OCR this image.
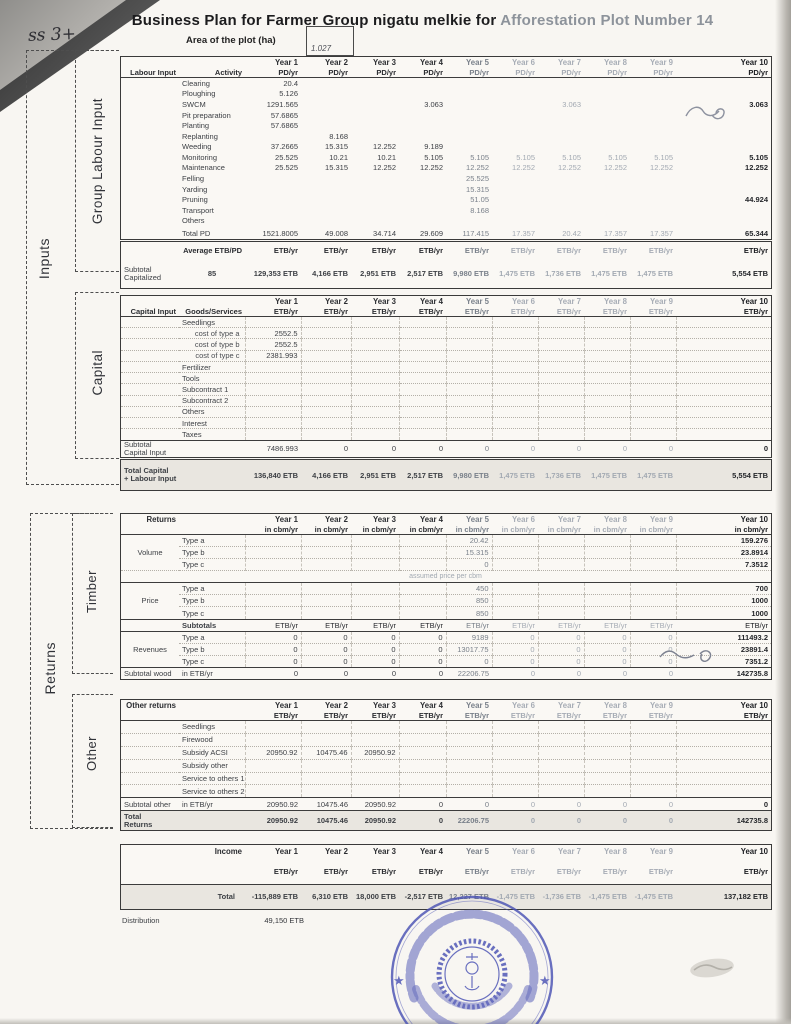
Business Plan for Farmer Group nigatu melkie for Afforestation Plot Number 14
ss 3+	Area of the plot (ha)
1.027
Inputs
Group Labour Input
Capital
Returns
Timber
Other
		Year 1	Year 2	Year 3	Year 4	Year 5	Year 6	Year 7	Year 8	Year 9	Year 10
Labour Input	Activity	PD/yr	PD/yr	PD/yr	PD/yr	PD/yr	PD/yr	PD/yr	PD/yr	PD/yr	PD/yr
	Clearing	20.4									
	Ploughing	5.126									
	SWCM	1291.565			3.063			3.063			3.063
	Pit preparation	57.6865									
	Planting	57.6865									
	Replanting		8.168								
	Weeding	37.2665	15.315	12.252	9.189						
	Monitoring	25.525	10.21	10.21	5.105	5.105	5.105	5.105	5.105	5.105	5.105
	Maintenance	25.525	15.315	12.252	12.252	12.252	12.252	12.252	12.252	12.252	12.252
	Felling					25.525					
	Yarding					15.315					
	Pruning					51.05					44.924
	Transport					8.168					
	Others										
	Total PD	1521.8005	49.008	34.714	29.609	117.415	17.357	20.42	17.357	17.357	65.344
	Average ETB/PD	ETB/yr	ETB/yr	ETB/yr	ETB/yr	ETB/yr	ETB/yr	ETB/yr	ETB/yr	ETB/yr	ETB/yr

Subtotal
Capitalized	85	129,353 ETB	4,166 ETB	2,951 ETB	2,517 ETB	9,980 ETB	1,475 ETB	1,736 ETB	1,475 ETB	1,475 ETB	5,554 ETB
		Year 1	Year 2	Year 3	Year 4	Year 5	Year 6	Year 7	Year 8	Year 9	Year 10
Capital Input	Goods/Services	ETB/yr	ETB/yr	ETB/yr	ETB/yr	ETB/yr	ETB/yr	ETB/yr	ETB/yr	ETB/yr	ETB/yr
	Seedlings										
	cost of type a	2552.5									
	cost of type b	2552.5									
	cost of type c	2381.993									
	Fertilizer										
	Tools										
	Subcontract 1										
	Subcontract 2										
	Others										
	Interest										
	Taxes										

Subtotal
Capital Input		7486.993	0	0	0	0	0	0	0	0	0
Total Capital
+ Labour Input	136,840 ETB	4,166 ETB	2,951 ETB	2,517 ETB	9,980 ETB	1,475 ETB	1,736 ETB	1,475 ETB	1,475 ETB	5,554 ETB
Returns		Year 1	Year 2	Year 3	Year 4	Year 5	Year 6	Year 7	Year 8	Year 9	Year 10
		in cbm/yr	in cbm/yr	in cbm/yr	in cbm/yr	in cbm/yr	in cbm/yr	in cbm/yr	in cbm/yr	in cbm/yr	in cbm/yr
Volume	Type a					20.42					159.276
	Type b					15.315					23.8914
	Type c					0					7.3512
					assumed price per cbm						
Price	Type a					450					700
	Type b					850					1000
	Type c					850					1000
	Subtotals	ETB/yr	ETB/yr	ETB/yr	ETB/yr	ETB/yr	ETB/yr	ETB/yr	ETB/yr	ETB/yr	ETB/yr
Revenues	Type a	0	0	0	0	9189	0	0	0	0	111493.2
	Type b	0	0	0	0	13017.75	0	0	0	0	23891.4
	Type c	0	0	0	0	0	0	0	0	0	7351.2
Subtotal wood	in ETB/yr	0	0	0	0	22206.75	0	0	0	0	142735.8
Other returns		Year 1	Year 2	Year 3	Year 4	Year 5	Year 6	Year 7	Year 8	Year 9	Year 10
		ETB/yr	ETB/yr	ETB/yr	ETB/yr	ETB/yr	ETB/yr	ETB/yr	ETB/yr	ETB/yr	ETB/yr
	Seedlings										
	Firewood										
	Subsidy ACSI	20950.92	10475.46	20950.92							
	Subsidy other										
	Service to others 1										
	Service to others 2										
Subtotal other	in ETB/yr	20950.92	10475.46	20950.92	0	0	0	0	0	0	0

Total
Returns		20950.92	10475.46	20950.92	0	22206.75	0	0	0	0	142735.8
Income	Year 1	Year 2	Year 3	Year 4	Year 5	Year 6	Year 7	Year 8	Year 9	Year 10
	ETB/yr	ETB/yr	ETB/yr	ETB/yr	ETB/yr	ETB/yr	ETB/yr	ETB/yr	ETB/yr	ETB/yr
Total	-115,889 ETB	6,310 ETB	18,000 ETB	-2,517 ETB	12,227 ETB	-1,475 ETB	-1,736 ETB	-1,475 ETB	-1,475 ETB	137,182 ETB
Distribution	49,150 ETB
★	★
